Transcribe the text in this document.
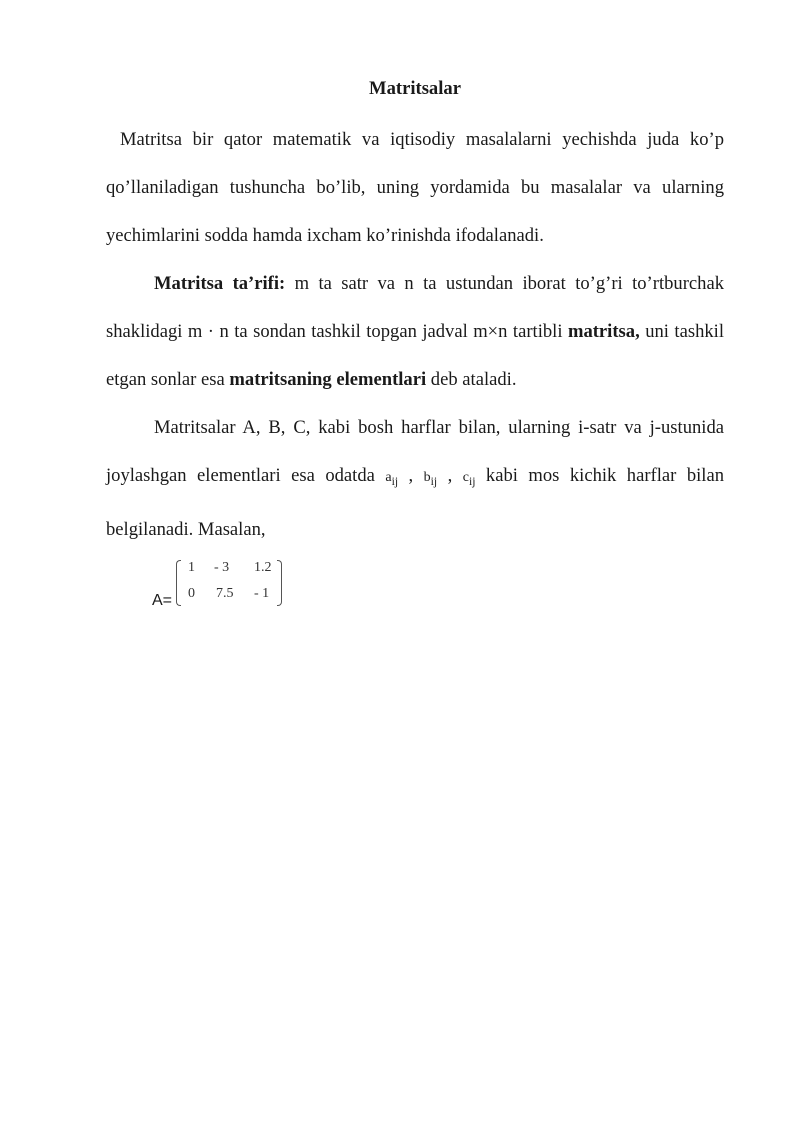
Matritsalar

Matritsa bir qator matematik va iqtisodiy masalalarni yechishda juda ko’p qo’llaniladigan tushuncha bo’lib, uning yordamida bu masalalar va ularning yechimlarini sodda hamda ixcham ko’rinishda ifodalanadi.

Matritsa ta’rifi: m ta satr va n ta ustundan iborat to’g’ri to’rtburchak shaklidagi m · n ta sondan tashkil topgan jadval m×n tartibli matritsa, uni tashkil etgan sonlar esa matritsaning elementlari deb ataladi.

Matritsalar A, B, C, kabi bosh harflar bilan, ularning i-satr va j-ustunida joylashgan elementlari esa odatda $a_{ij}$ , $b_{ij}$ , $c_{ij}$ kabi mos kichik harflar bilan belgilanadi. Masalan,

A=
1 - 3 1.2
0 7.5 - 1
